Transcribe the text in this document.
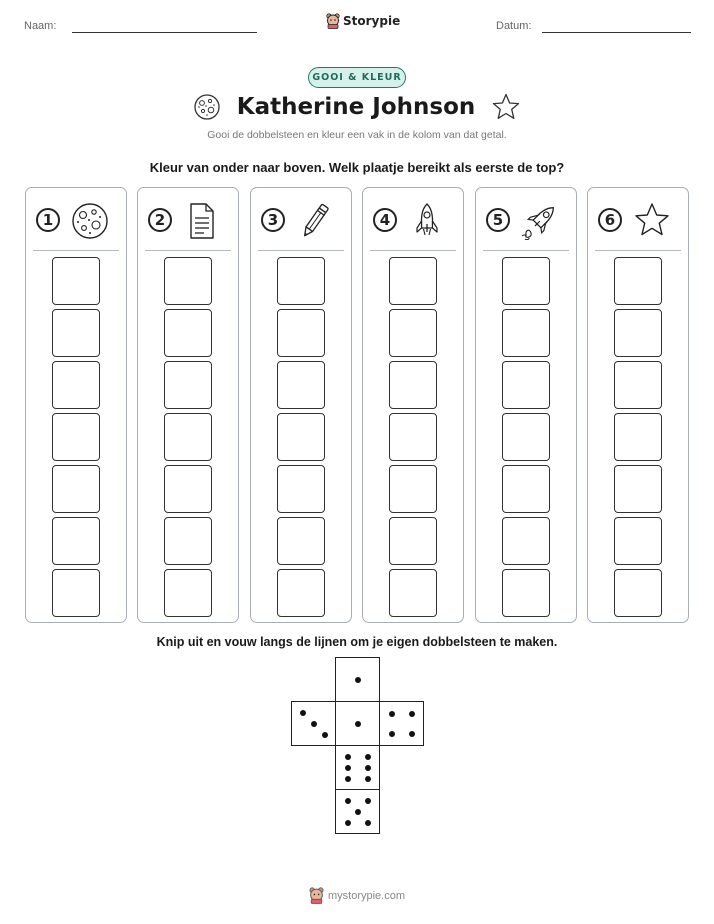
Naam:	Storypie	Datum:
GOOI & KLEUR
Katherine Johnson
Gooi de dobbelsteen en kleur een vak in de kolom van dat getal.
Kleur van onder naar boven. Welk plaatje bereikt als eerste de top?
1	2	3	4	5	6
Knip uit en vouw langs de lijnen om je eigen dobbelsteen te maken.
mystorypie.com
